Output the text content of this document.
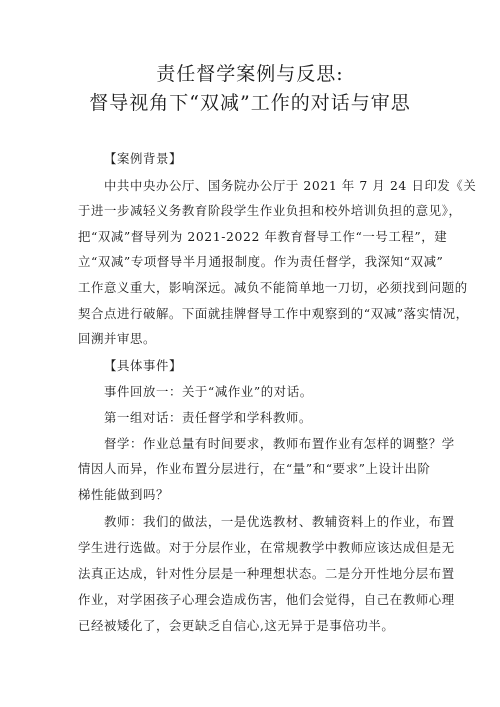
责任督学案例与反思:
督导视角下“双减”工作的对话与审思
【案例背景】
中共中央办公厅、国务院办公厅于 2021 年 7 月 24 日印发《关
于进一步减轻义务教育阶段学生作业负担和校外培训负担的意见》，
把“双减”督导列为 2021-2022 年教育督导工作“一号工程”，建
立“双减”专项督导半月通报制度。作为责任督学，我深知“双减”
工作意义重大，影响深远。减负不能简单地一刀切，必须找到问题的
契合点进行破解。下面就挂牌督导工作中观察到的“双减”落实情况，
回溯并审思。
【具体事件】
事件回放一：关于“减作业”的对话。
第一组对话：责任督学和学科教师。
督学：作业总量有时间要求，教师布置作业有怎样的调整？学
情因人而异，作业布置分层进行，在“量”和“要求”上设计出阶
梯性能做到吗？
教师：我们的做法，一是优选教材、教辅资料上的作业，布置
学生进行选做。对于分层作业，在常规教学中教师应该达成但是无
法真正达成，针对性分层是一种理想状态。二是分开性地分层布置
作业，对学困孩子心理会造成伤害，他们会觉得，自己在教师心理
已经被矮化了，会更缺乏自信心,这无异于是事倍功半。
